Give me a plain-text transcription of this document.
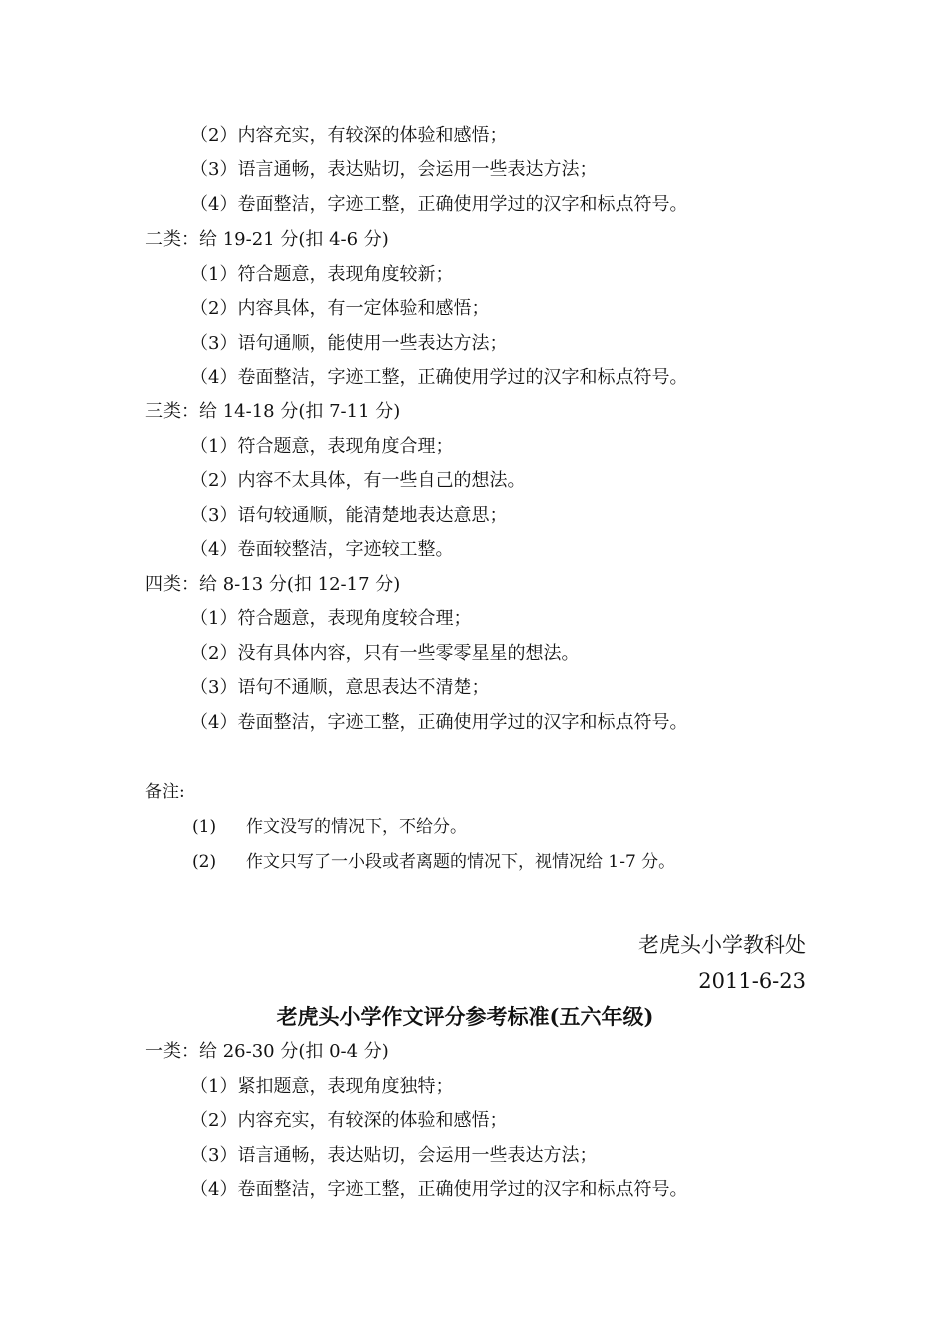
（2）内容充实，有较深的体验和感悟；
（3）语言通畅，表达贴切，会运用一些表达方法；
（4）卷面整洁，字迹工整，正确使用学过的汉字和标点符号。
二类：给 19-21 分(扣 4-6 分)
（1）符合题意，表现角度较新；
（2）内容具体，有一定体验和感悟；
（3）语句通顺，能使用一些表达方法；
（4）卷面整洁，字迹工整，正确使用学过的汉字和标点符号。
三类：给 14-18 分(扣 7-11 分)
（1）符合题意，表现角度合理；
（2）内容不太具体，有一些自己的想法。
（3）语句较通顺，能清楚地表达意思；
（4）卷面较整洁，字迹较工整。
四类：给 8-13 分(扣 12-17 分)
（1）符合题意，表现角度较合理；
（2）没有具体内容，只有一些零零星星的想法。
（3）语句不通顺，意思表达不清楚；
（4）卷面整洁，字迹工整，正确使用学过的汉字和标点符号。
备注:
(1) 作文没写的情况下，不给分。
(2) 作文只写了一小段或者离题的情况下，视情况给 1-7 分。
老虎头小学教科处
2011-6-23
老虎头小学作文评分参考标准(五六年级)
一类：给 26-30 分(扣 0-4 分)
（1）紧扣题意，表现角度独特；
（2）内容充实，有较深的体验和感悟；
（3）语言通畅，表达贴切，会运用一些表达方法；
（4）卷面整洁，字迹工整，正确使用学过的汉字和标点符号。
